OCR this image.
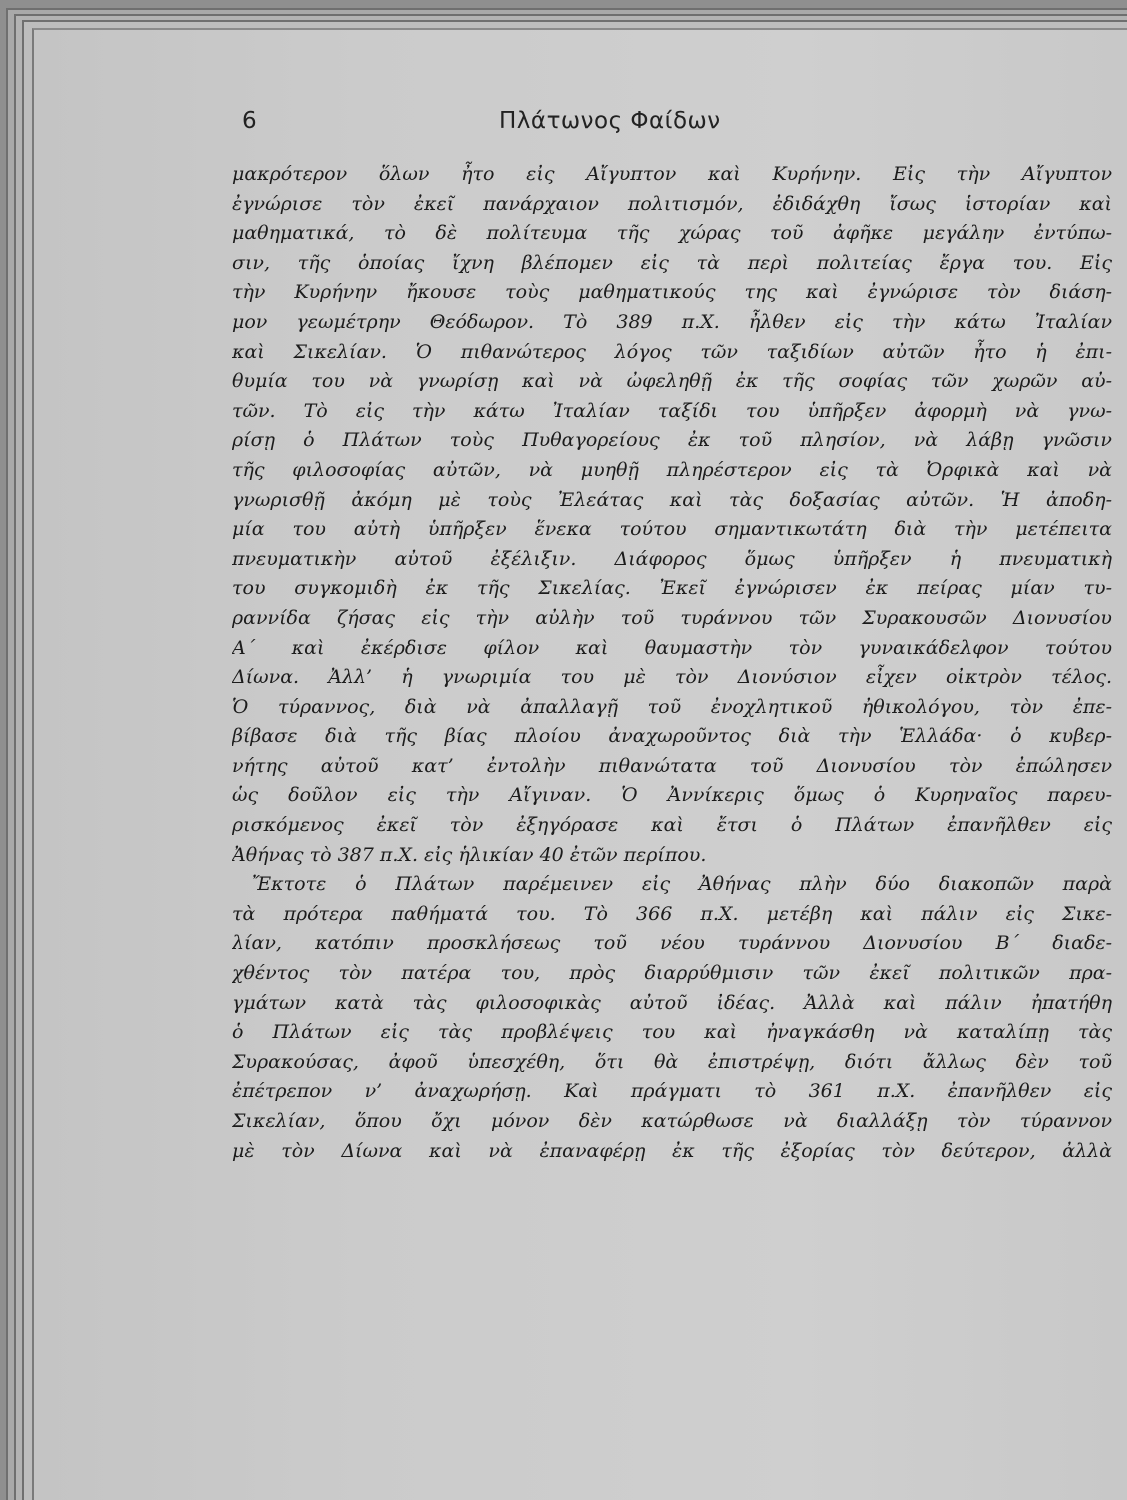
6	Πλάτωνος Φαίδων
μακρότερον ὅλων ἦτο εἰς Αἴγυπτον καὶ Κυρήνην. Εἰς τὴν Αἴγυπτον
ἐγνώρισε τὸν ἐκεῖ πανάρχαιον πολιτισμόν, ἐδιδάχθη ἴσως ἱστορίαν καὶ
μαθηματικά, τὸ δὲ πολίτευμα τῆς χώρας τοῦ ἀφῆκε μεγάλην ἐντύπω-
σιν, τῆς ὁποίας ἴχνη βλέπομεν εἰς τὰ περὶ πολιτείας ἔργα του. Εἰς
τὴν Κυρήνην ἤκουσε τοὺς μαθηματικούς της καὶ ἐγνώρισε τὸν διάση-
μον γεωμέτρην Θεόδωρον. Τὸ 389 π.Χ. ἦλθεν εἰς τὴν κάτω Ἰταλίαν
καὶ Σικελίαν. Ὁ πιθανώτερος λόγος τῶν ταξιδίων αὐτῶν ἦτο ἡ ἐπι-
θυμία του νὰ γνωρίσῃ καὶ νὰ ὠφεληθῇ ἐκ τῆς σοφίας τῶν χωρῶν αὐ-
τῶν. Τὸ εἰς τὴν κάτω Ἰταλίαν ταξίδι του ὑπῆρξεν ἀφορμὴ νὰ γνω-
ρίσῃ ὁ Πλάτων τοὺς Πυθαγορείους ἐκ τοῦ πλησίον, νὰ λάβῃ γνῶσιν
τῆς φιλοσοφίας αὐτῶν, νὰ μυηθῇ πληρέστερον εἰς τὰ Ὀρφικὰ καὶ νὰ
γνωρισθῇ ἀκόμη μὲ τοὺς Ἐλεάτας καὶ τὰς δοξασίας αὐτῶν. Ἡ ἀποδη-
μία του αὐτὴ ὑπῆρξεν ἕνεκα τούτου σημαντικωτάτη διὰ τὴν μετέπειτα
πνευματικὴν αὐτοῦ ἐξέλιξιν. Διάφορος ὅμως ὑπῆρξεν ἡ πνευματικὴ
του συγκομιδὴ ἐκ τῆς Σικελίας. Ἐκεῖ ἐγνώρισεν ἐκ πείρας μίαν τυ-
ραννίδα ζήσας εἰς τὴν αὐλὴν τοῦ τυράννου τῶν Συρακουσῶν Διονυσίου
Α΄ καὶ ἐκέρδισε φίλον καὶ θαυμαστὴν τὸν γυναικάδελφον τούτου
Δίωνα. Ἀλλ’ ἡ γνωριμία του μὲ τὸν Διονύσιον εἶχεν οἰκτρὸν τέλος.
Ὁ τύραννος, διὰ νὰ ἀπαλλαγῇ τοῦ ἐνοχλητικοῦ ἠθικολόγου, τὸν ἐπε-
βίβασε διὰ τῆς βίας πλοίου ἀναχωροῦντος διὰ τὴν Ἑλλάδα· ὁ κυβερ-
νήτης αὐτοῦ κατ’ ἐντολὴν πιθανώτατα τοῦ Διονυσίου τὸν ἐπώλησεν
ὡς δοῦλον εἰς τὴν Αἴγιναν. Ὁ Ἀννίκερις ὅμως ὁ Κυρηναῖος παρευ-
ρισκόμενος ἐκεῖ τὸν ἐξηγόρασε καὶ ἔτσι ὁ Πλάτων ἐπανῆλθεν εἰς
Ἀθήνας τὸ 387 π.Χ. εἰς ἡλικίαν 40 ἐτῶν περίπου.
Ἔκτοτε ὁ Πλάτων παρέμεινεν εἰς Ἀθήνας πλὴν δύο διακοπῶν παρὰ
τὰ πρότερα παθήματά του. Τὸ 366 π.Χ. μετέβη καὶ πάλιν εἰς Σικε-
λίαν, κατόπιν προσκλήσεως τοῦ νέου τυράννου Διονυσίου Β΄ διαδε-
χθέντος τὸν πατέρα του, πρὸς διαρρύθμισιν τῶν ἐκεῖ πολιτικῶν πρα-
γμάτων κατὰ τὰς φιλοσοφικὰς αὐτοῦ ἰδέας. Ἀλλὰ καὶ πάλιν ἠπατήθη
ὁ Πλάτων εἰς τὰς προβλέψεις του καὶ ἠναγκάσθη νὰ καταλίπῃ τὰς
Συρακούσας, ἀφοῦ ὑπεσχέθη, ὅτι θὰ ἐπιστρέψῃ, διότι ἄλλως δὲν τοῦ
ἐπέτρεπον ν’ ἀναχωρήσῃ. Καὶ πράγματι τὸ 361 π.Χ. ἐπανῆλθεν εἰς
Σικελίαν, ὅπου ὄχι μόνον δὲν κατώρθωσε νὰ διαλλάξῃ τὸν τύραννον
μὲ τὸν Δίωνα καὶ νὰ ἐπαναφέρῃ ἐκ τῆς ἐξορίας τὸν δεύτερον, ἀλλὰ
